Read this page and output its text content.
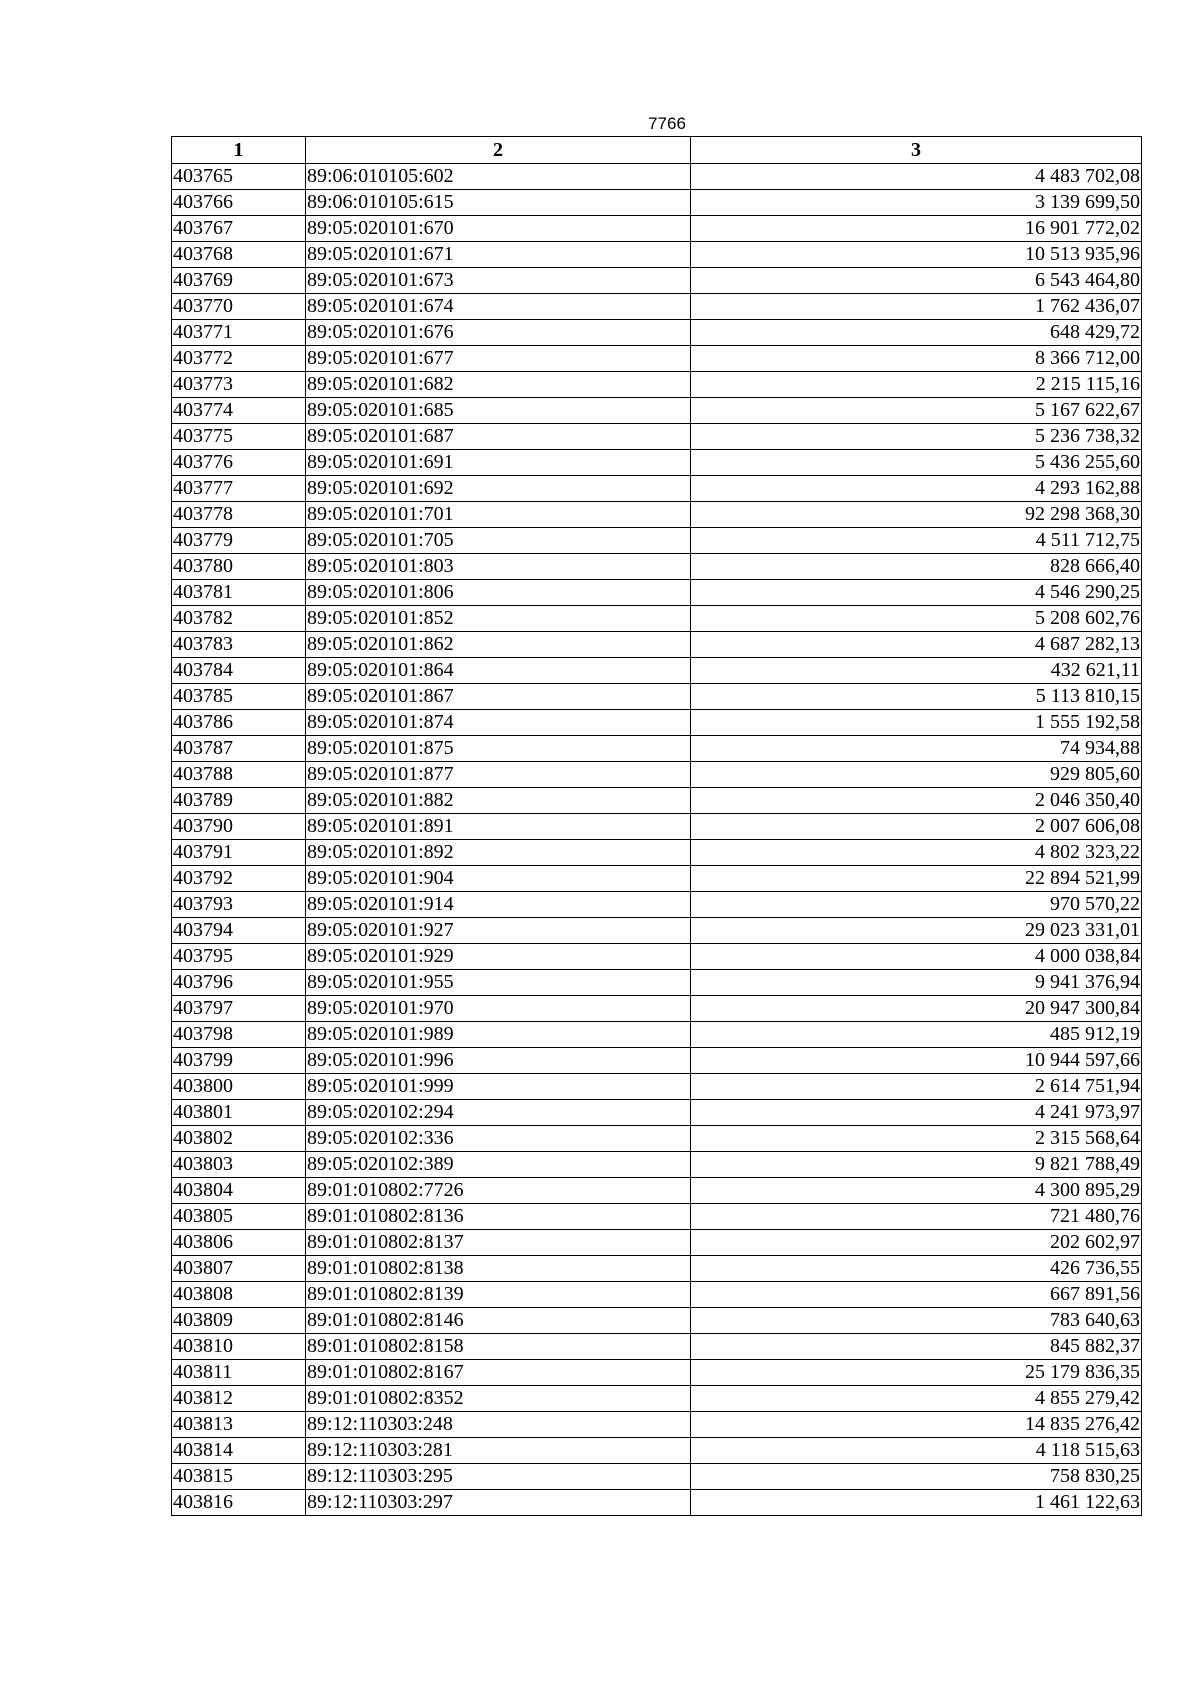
7766
1	2	3
403765	89:06:010105:602	4 483 702,08
403766	89:06:010105:615	3 139 699,50
403767	89:05:020101:670	16 901 772,02
403768	89:05:020101:671	10 513 935,96
403769	89:05:020101:673	6 543 464,80
403770	89:05:020101:674	1 762 436,07
403771	89:05:020101:676	648 429,72
403772	89:05:020101:677	8 366 712,00
403773	89:05:020101:682	2 215 115,16
403774	89:05:020101:685	5 167 622,67
403775	89:05:020101:687	5 236 738,32
403776	89:05:020101:691	5 436 255,60
403777	89:05:020101:692	4 293 162,88
403778	89:05:020101:701	92 298 368,30
403779	89:05:020101:705	4 511 712,75
403780	89:05:020101:803	828 666,40
403781	89:05:020101:806	4 546 290,25
403782	89:05:020101:852	5 208 602,76
403783	89:05:020101:862	4 687 282,13
403784	89:05:020101:864	432 621,11
403785	89:05:020101:867	5 113 810,15
403786	89:05:020101:874	1 555 192,58
403787	89:05:020101:875	74 934,88
403788	89:05:020101:877	929 805,60
403789	89:05:020101:882	2 046 350,40
403790	89:05:020101:891	2 007 606,08
403791	89:05:020101:892	4 802 323,22
403792	89:05:020101:904	22 894 521,99
403793	89:05:020101:914	970 570,22
403794	89:05:020101:927	29 023 331,01
403795	89:05:020101:929	4 000 038,84
403796	89:05:020101:955	9 941 376,94
403797	89:05:020101:970	20 947 300,84
403798	89:05:020101:989	485 912,19
403799	89:05:020101:996	10 944 597,66
403800	89:05:020101:999	2 614 751,94
403801	89:05:020102:294	4 241 973,97
403802	89:05:020102:336	2 315 568,64
403803	89:05:020102:389	9 821 788,49
403804	89:01:010802:7726	4 300 895,29
403805	89:01:010802:8136	721 480,76
403806	89:01:010802:8137	202 602,97
403807	89:01:010802:8138	426 736,55
403808	89:01:010802:8139	667 891,56
403809	89:01:010802:8146	783 640,63
403810	89:01:010802:8158	845 882,37
403811	89:01:010802:8167	25 179 836,35
403812	89:01:010802:8352	4 855 279,42
403813	89:12:110303:248	14 835 276,42
403814	89:12:110303:281	4 118 515,63
403815	89:12:110303:295	758 830,25
403816	89:12:110303:297	1 461 122,63
